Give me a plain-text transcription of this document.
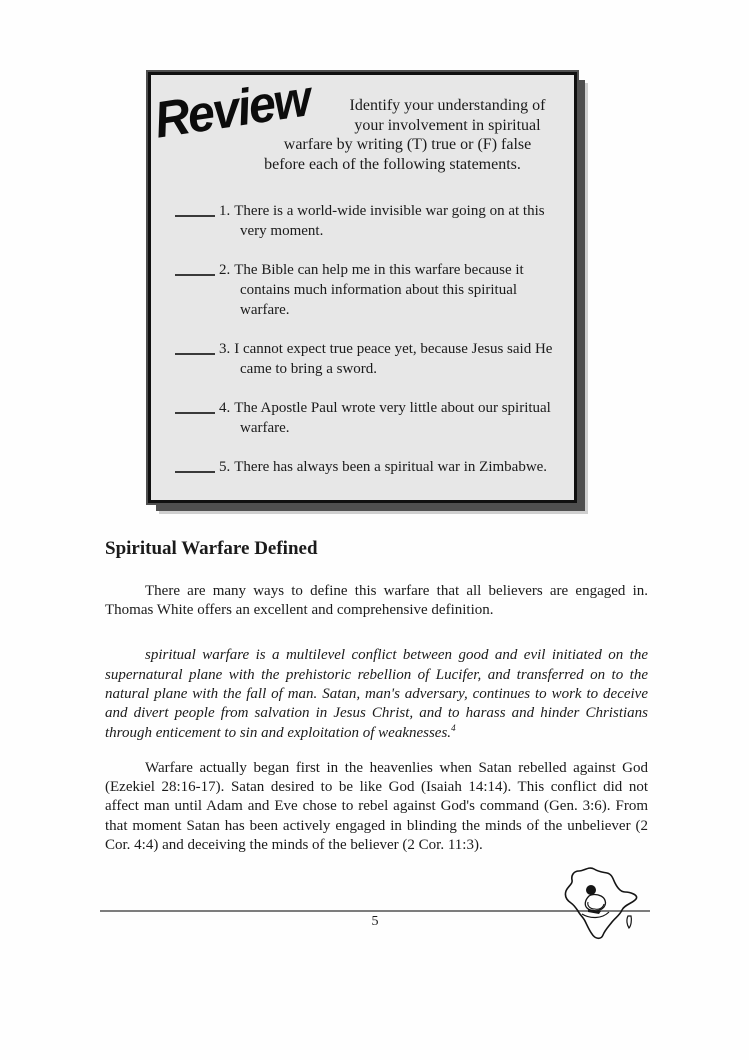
Review	Identify your understanding of
your involvement in spiritual
warfare by writing (T) true or (F) false
before each of the following statements.
1. There is a world-wide invisible war going on at this very moment.
2. The Bible can help me in this warfare because it contains much information about this spiritual warfare.
3. I cannot expect true peace yet, because Jesus said He came to bring a sword.
4. The Apostle Paul wrote very little about our spiritual warfare.
5. There has always been a spiritual war in Zimbabwe.
Spiritual Warfare Defined

There are many ways to define this warfare that all believers are engaged in. Thomas White offers an excellent and comprehensive definition.

spiritual warfare is a multilevel conflict between good and evil initiated on the supernatural plane with the prehistoric rebellion of Lucifer, and transferred on to the natural plane with the fall of man. Satan, man's adversary, continues to work to deceive and divert people from salvation in Jesus Christ, and to harass and hinder Christians through enticement to sin and exploitation of weaknesses.$^4$

Warfare actually began first in the heavenlies when Satan rebelled against God (Ezekiel 28:16-17). Satan desired to be like God (Isaiah 14:14). This conflict did not affect man until Adam and Eve chose to rebel against God's command (Gen. 3:6). From that moment Satan has been actively engaged in blinding the minds of the unbeliever (2 Cor. 4:4) and deceiving the minds of the believer (2 Cor. 11:3).

5
